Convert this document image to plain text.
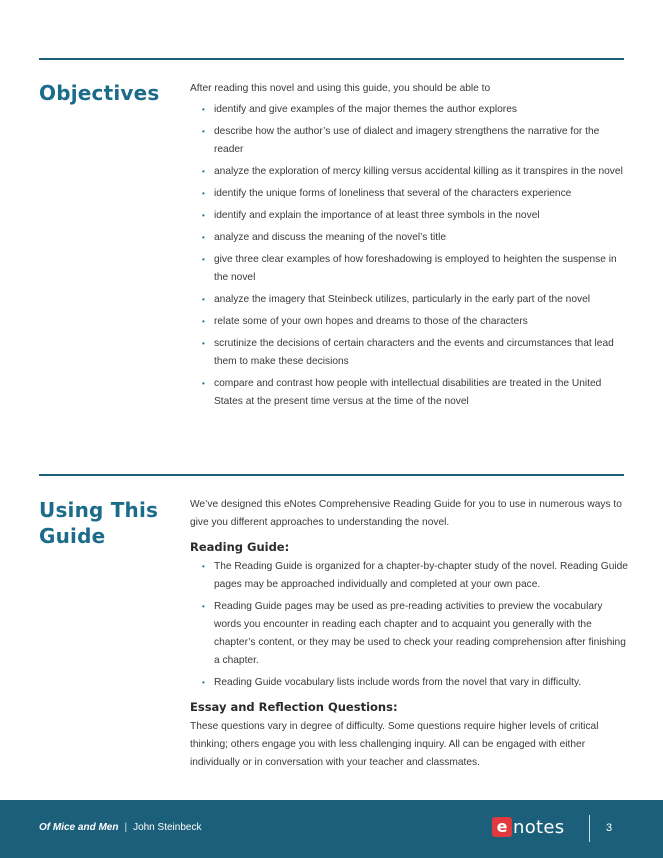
Objectives	After reading this novel and using this guide, you should be able to

• identify and give examples of the major themes the author explores
• describe how the author’s use of dialect and imagery strengthens the narrative for the reader
• analyze the exploration of mercy killing versus accidental killing as it transpires in the novel
• identify the unique forms of loneliness that several of the characters experience
• identify and explain the importance of at least three symbols in the novel
• analyze and discuss the meaning of the novel’s title
• give three clear examples of how foreshadowing is employed to heighten the suspense in the novel
• analyze the imagery that Steinbeck utilizes, particularly in the early part of the novel
• relate some of your own hopes and dreams to those of the characters
• scrutinize the decisions of certain characters and the events and circumstances that lead them to make these decisions
• compare and contrast how people with intellectual disabilities are treated in the United States at the present time versus at the time of the novel
Using This
Guide

We’ve designed this eNotes Comprehensive Reading Guide for you to use in numerous ways to give you different approaches to understanding the novel.

Reading Guide:
• The Reading Guide is organized for a chapter-by-chapter study of the novel. Reading Guide pages may be approached individually and completed at your own pace.
• Reading Guide pages may be used as pre-reading activities to preview the vocabulary words you encounter in reading each chapter and to acquaint you generally with the chapter’s content, or they may be used to check your reading comprehension after finishing a chapter.
• Reading Guide vocabulary lists include words from the novel that vary in difficulty.
Essay and Reflection Questions:

These questions vary in degree of difficulty. Some questions require higher levels of critical thinking; others engage you with less challenging inquiry. All can be engaged with either individually or in conversation with your teacher and classmates.

Of Mice and Men | John Steinbeck	e notes	3
